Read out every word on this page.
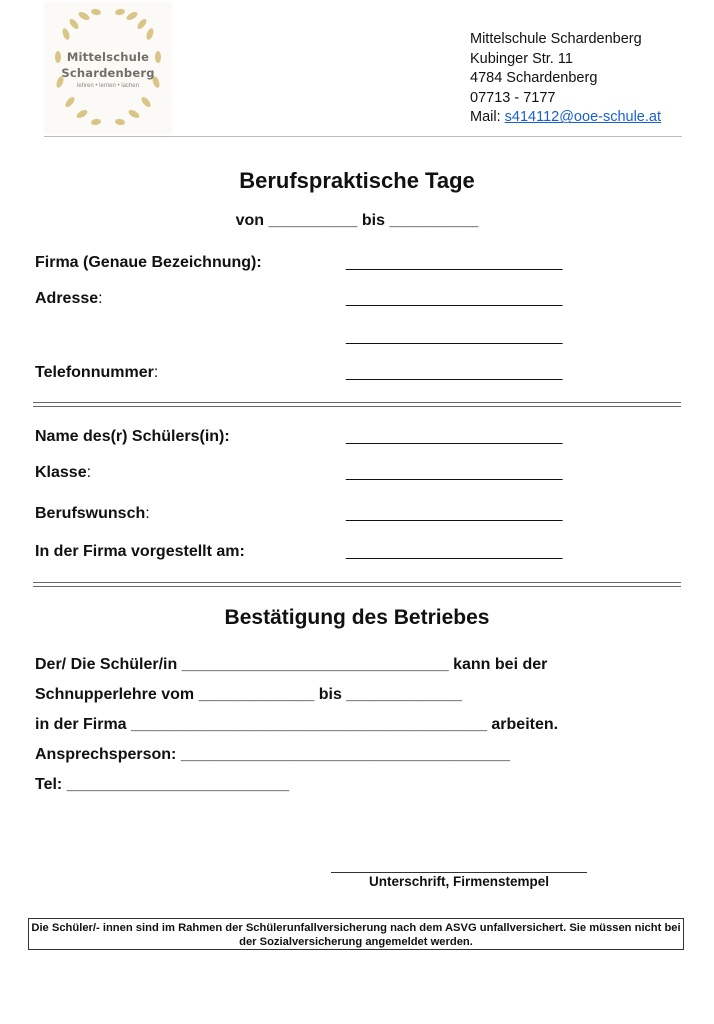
Mittelschule
Schardenberg
lehren • lernen • lachen
Mittelschule Schardenberg
Kubinger Str. 11
4784 Schardenberg
07713 - 7177
Mail: s414112@ooe-schule.at
Berufspraktische Tage
von __________ bis __________
Firma (Genaue Bezeichnung):	__________________________
Adresse:	__________________________
__________________________
Telefonnummer:	__________________________
Name des(r) Schülers(in):	__________________________
Klasse:	__________________________
Berufswunsch:	__________________________
In der Firma vorgestellt am:	__________________________
Bestätigung des Betriebes
Der/ Die Schüler/in ______________________________ kann bei der
Schnupperlehre vom _____________ bis _____________
in der Firma ________________________________________ arbeiten.
Ansprechsperson: _____________________________________
Tel: _________________________
Unterschrift, Firmenstempel
Die Schüler/- innen sind im Rahmen der Schülerunfallversicherung nach dem ASVG unfallversichert. Sie müssen nicht bei der Sozialversicherung angemeldet werden.
